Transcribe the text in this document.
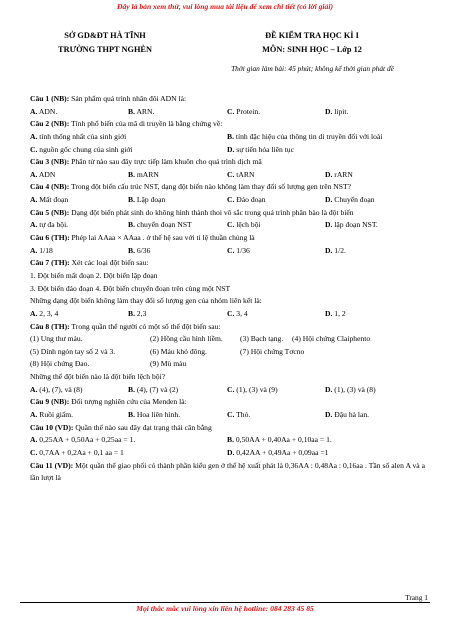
Đây là bản xem thử, vui lòng mua tài liệu để xem chi tiết (có lời giải)
SỞ GD&ĐT HÀ TĨNH
TRƯỜNG THPT NGHÈN
ĐỀ KIỂM TRA HỌC KÌ I
MÔN: SINH HỌC – Lớp 12
Thời gian làm bài: 45 phút; không kể thời gian phát đề
Câu 1 (NB): Sản phẩm quá trình nhân đôi ADN là:
A. ADN.	B. ARN.	C. Protein.	D. lipit.
Câu 2 (NB): Tính phổ biến của mã di truyền là bằng chứng về:
A. tính thống nhất của sinh giới	B. tính đặc hiệu của thông tin di truyền đối với loài
C. nguồn gốc chung của sinh giới	D. sự tiến hóa liên tục
Câu 3 (NB): Phân tử nào sau đây trực tiếp làm khuôn cho quá trình dịch mã
A. ADN	B. mARN	C. tARN	D. rARN
Câu 4 (NB): Trong đột biến cấu trúc NST, dạng đột biến nào không làm thay đổi số lượng gen trên NST?
A. Mất đoạn	B. Lặp đoạn	C. Đảo đoạn	D. Chuyển đoạn
Câu 5 (NB): Dạng đột biến phát sinh do không hình thành thoi vô sắc trong quá trình phân bào là đột biến
A. tự đa bội.	B. chuyển đoạn NST	C. lệch bội	D. lặp đoạn NST.
Câu 6 (TH): Phép lai AAaa × AAaa . ở thế hệ sau với tỉ lệ thuần chủng là
A. 1/18	B. 6/36	C. 1/36	D. 1/2.
Câu 7 (TH): Xét các loại đột biến sau:
1. Đột biến mất đoạn 2. Đột biến lặp đoạn
3. Đột biến đảo đoạn 4. Đột biến chuyển đoạn trên cùng một NST
Những dạng đột biến không làm thay đổi số lượng gen của nhóm liên kết là:
A. 2, 3, 4	B. 2,3	C. 3, 4	D. 1, 2
Câu 8 (TH): Trong quần thể người có một số thể đột biến sau:
(1) Ung thư máu.	(2) Hồng cầu hình liềm. (3) Bạch tạng. (4) Hội chứng Claiphento
(5) Dính ngón tay số 2 và 3.	(6) Máu khó đông.	(7) Hội chứng Tơcno
(8) Hội chứng Đao.	(9) Mù màu
Những thể đột biến nào là đột biến lệch bội?
A. (4), (7), và (8)	B. (4), (7) và (2)	C. (1), (3) và (9)	D. (1), (3) và (8)
Câu 9 (NB): Đối tượng nghiên cứu của Menden là:
A. Ruồi giấm.	B. Hoa liên hình.	C. Thỏ.	D. Đậu hà lan.
Câu 10 (VD): Quần thể nào sau đây đạt trạng thái cân bằng
A. 0,25AA + 0,50Aa + 0,25aa = 1.	B. 0,50AA + 0,40Aa + 0,10aa = 1.
C. 0,7AA + 0,2Aa + 0,1 aa = 1	D. 0,42AA + 0,49Aa + 0,09aa =1
Câu 11 (VD): Một quần thể giao phối có thành phần kiểu gen ở thế hệ xuất phát là 0,36AA : 0,48Aa : 0,16aa . Tần số alen A và a lần lượt là
Trang 1
Mọi thắc mắc vui lòng xin liên hệ hotline: 084 283 45 85
